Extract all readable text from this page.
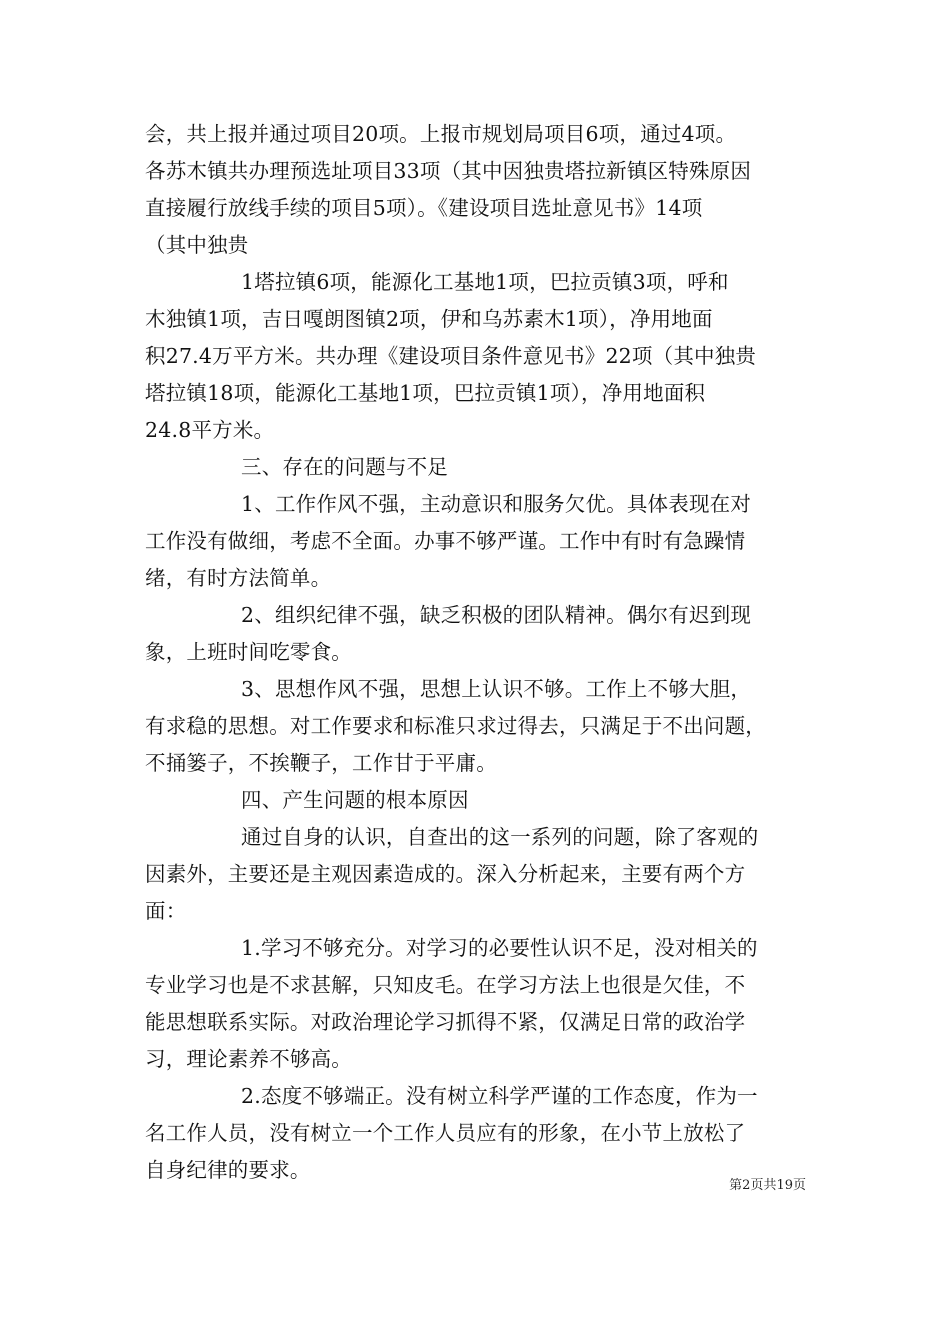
会，共上报并通过项目20项。上报市规划局项目6项，通过4项。
各苏木镇共办理预选址项目33项（其中因独贵塔拉新镇区特殊原因
直接履行放线手续的项目5项）。《建设项目选址意见书》14项
（其中独贵
1塔拉镇6项，能源化工基地1项，巴拉贡镇3项，呼和
木独镇1项，吉日嘎朗图镇2项，伊和乌苏素木1项），净用地面
积27.4万平方米。共办理《建设项目条件意见书》22项（其中独贵
塔拉镇18项，能源化工基地1项，巴拉贡镇1项），净用地面积
24.8平方米。
三、存在的问题与不足
1、工作作风不强，主动意识和服务欠优。具体表现在对
工作没有做细，考虑不全面。办事不够严谨。工作中有时有急躁情
绪，有时方法简单。
2、组织纪律不强，缺乏积极的团队精神。偶尔有迟到现
象，上班时间吃零食。
3、思想作风不强，思想上认识不够。工作上不够大胆，
有求稳的思想。对工作要求和标准只求过得去，只满足于不出问题，
不捅篓子，不挨鞭子，工作甘于平庸。
四、产生问题的根本原因
通过自身的认识，自查出的这一系列的问题，除了客观的
因素外，主要还是主观因素造成的。深入分析起来，主要有两个方
面：
1.学习不够充分。对学习的必要性认识不足，没对相关的
专业学习也是不求甚解，只知皮毛。在学习方法上也很是欠佳，不
能思想联系实际。对政治理论学习抓得不紧，仅满足日常的政治学
习，理论素养不够高。
2.态度不够端正。没有树立科学严谨的工作态度，作为一
名工作人员，没有树立一个工作人员应有的形象，在小节上放松了
自身纪律的要求。
第2页共19页
